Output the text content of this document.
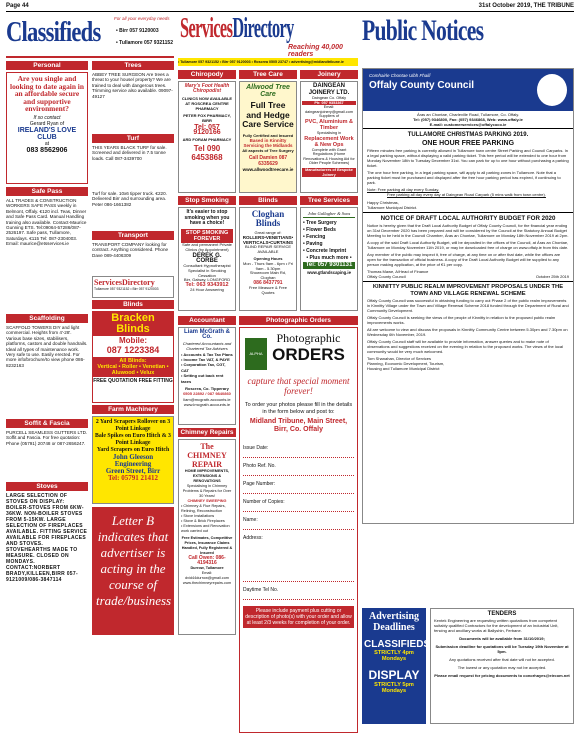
Page 44	31st October 2019, THE TRIBUNE
Classifieds	For all your everyday needs
• Birr 057 9120003
• Tullamore 057 9321152
Personal
Are you single and looking to date again in an affordable secure and supportive environment?
If so contact
Gerard Ryan of
IRELAND'S LOVE CLUB
at
083 8562906
Safe Pass
ALL TRADES & CONSTRUCTION WORKERS SAFE PASS weekly in Belmont, Offaly. €120 incl. Teas, Dinner and Safe Pass Card. Manual Handling training also available. Contact-Maurice Gunning ETS. Tel:09064-57286/087-2526197. Safe pass, Tullamore, Saturdays. €115 Tel: 087-2304003. Email: maurice@etsservices.ie
Scaffolding
SCAFFOLD TOWERS DIY and light commercial. Heights from 4'-28'. Various base sizes, stabilisers, platforms, castors and double handrails. Ideal all types of maintenance work. Very safe to use. Easily erected. For more info/brochure/to view phone 086-8232163
Soffit & Fascia
PURCELL SEAMLESS GUTTERS LTD. Soffit and Fascia. For free quotation: Phone (05791) 20748 or 087-2656247.
Stoves
LARGE SELECTION OF STOVES ON DISPLAY: BOILER-STOVES FROM 6KW-36KW. NON-BOILER STOVES FROM 5-15KW. LARGE SELECTION OF FIREPLACES AVAILABLE. FITTING SERVICE AVAILABLE FOR FIREPLACES AND STOVES. STOVEHEARTHS MADE TO MEASURE. CLOSED ON MONDAYS. CONTACT:NORBERT BRADY,KILLEEN,BIRR 057-9121009/086-3847114
Trees
ABBEY TREE SURGEON Are trees a threat to your house/ property? We are trained to deal with dangerous trees. Trimming service also available. 09097-49127
Turf
THIS YEARS BLACK TURF for sale. Screened and delivered in 7.5 tonne loads. Call 087-3439700
Turf for sale. 10x6 tipper truck. €220. Delivered Birr and surrounding area. Peter 086-1661382
Transport
TRANSPORT COMPANY looking for contract. Anything considered. Phone Dave 089-4406309
ServicesDirectory
Tullamore 057 9321152 • Birr 057 9120003
Blinds
Bracken Blinds
Mobile:
087 1223384
All Blinds:
Vertical • Roller • Venetian • Aluwood • Velux
FREE QUOTATION FREE FITTING
Farm Machinery
2 Yard Scrapers Rollover on 3 Point Linkage
Bale Spikes on Euro Hitch & 3 Point Linkage
Yard Scrapers on Euro Hitch
John Gleeson Engineering
Green Street, Birr
Tel: 05791 21412
Letter B indicates that advertiser is acting in the course of trade/business
ServicesDirectory
Reaching 40,000 readers
• Tullamore 057 9321152 • Birr 057 9120003 • Roscrea 0505 23747 • advertising@midlandtribune.ie
Chiropody
Mary's Foot Health Chiropodist
CLINICS NOW AVAILABLE AT ROSCREA CENTRE PHARMACY
PETER FOX PHARMACY, BIRR
Tel: 057 9120166
ARD FORAM PHARMACY
Tel 090 6453868
Tree Care
Allwood Tree Care
Full Tree and Hedge Care Service
Fully Certified and Insured
Based in Kinnitty Servicing the Midlands
All aspects of Tree Surgery
Call Damien 087 6335629
www.allwoodtreecare.ie
Joinery
DAINGEAN JOINERY LTD.
Daingean Co. Offaly
Ph: 057 9353367
Email: daingeanjoinery@gmail.com
Suppliers of
PVC, Aluminium & Timber
Specialising in
Replacement Work & New Ops
Complete with Grant Regulations (Home Renovations & Housing Aid for Older People Schemes)
Manufacturers of Bespoke Joinery
Stop Smoking
It's easier to stop smoking when you have a choice!
STOP SMOKING FOREVER
Safe and permanent Private Clinics (by Appointment)
DEREK G. CORBE
Consultant Hypnotherapist Specialist in Smoking Cessation
Birr, Galway, LONGFORD
Tel: 063 9343912
24 Hour Answering
Blinds
Cloghan Blinds
Great range of:
ROLLERS•VENETIANS• VERTICALS•CURTAINS
BLIND REPAIR SERVICE AVAILABLE
Opening Hours
Mon - Thurs 9am - 6pm • Fri 9am - 5.30pm
Showroom Main Rd, Cloghan
086 8437791
Free Measure & Free Quotes
Tree Services
John Gallagher & Sons
• Tree Surgery
• Flower Beds
• Fencing
• Paving
• Concrete Imprint
• Plus much more •
Tel: 057 9301131
www.gtlandscaping.ie
Accountant
Liam McGrath & Co.
Chartered Accountants and Chartered Tax Advisers
• Accounts & Tax Tax Plans
• Income Tax VAT, & PAYE
• Corporation Tax, CGT, CAT
• Setting out back rent taxes
Roscrea, Co. Tipperary
0505 22892 / 087 9840860
liam@mcgrath.accounts.ie
www.lmcgrath.accounts.ie
Chimney Repairs
The CHIMNEY REPAIR
HOME IMPROVEMENTS, EXTENSIONS & RENOVATIONS
Specialising in Chimney Problems & Repairs for Over 30 Years!
CHIMNEY SWEEPING
• Chimney & Flue Repairs, Relining, Reconstruction
• Stove Installations
• Stove & Brick Fireplaces
• Extensions and Renovation work carried out
Free Estimates, Competitive Prices, Insurance Claims Handled, Fully Registered & Insured
Call Owen: 086-4194316
Durrow, Tullamore
Email: dvid44durrow@gmail.com
www.thechimneyrepairs.com
Photographic Orders
ALPHA
Photographic
ORDERS
capture that special moment forever!
To order your photos please fill in the details in the form below and post to:
Midland Tribune, Main Street, Birr, Co. Offaly
Issue Date:
Photo Ref. No.
Page Number:
Number of Copies:
Name:
Address:
Daytime Tel No.
Please include payment plus cutting or description of photo(s) with your order and allow at least 2/3 weeks for completion of your order.
Public Notices
Comhairle Chontae Uibh Fhailí
Offaly County Council
Áras an Chontae, Charleville Road, Tullamore, Co. Offaly.
Tel: (057) 9346800, Fax: (057) 9346868, Web: www.offaly.ie
E-mail: customerservices@offalycoco.ie
TULLAMORE CHRISTMAS PARKING 2019.
ONE HOUR FREE PARKING
Fifteen minutes free parking is currently allowed in Tullamore town centre Street Parking and Council Carparks. In a legal parking space, without displaying a valid parking ticket. This free period will be extended to one hour from Monday November 18th to Tuesday December 31st. You can park for up to one hour without purchasing a parking ticket.
The one hour free parking, in a legal parking space, will apply to all parking zones in Tullamore. Note that a parking ticket must be purchased and displayed after the free hour parking period has expired, if continuing to park.
Note: Free parking all day every Sunday.
Free parking all day every day at Daingean Road Carpark (5 mins walk from town centre).
Happy Christmas,
Tullamore Municipal District.
NOTICE OF DRAFT LOCAL AUTHORITY BUDGET FOR 2020
Notice is hereby given that the Draft Local Authority Budget of Offaly County Council, for the financial year ending on 31st December 2020 has been prepared and will be considered by the Council at the Statutory Annual Budget Meeting to be held in the Council Chamber, Áras an Chontae, Tullamore on Monday 18th November 2019 at 2pm.
A copy of the said Draft Local Authority Budget, will be deposited in the offices of the Council, at Áras an Chontae, Tullamore on Monday November 11th 2019, or may be downloaded free of charge on www.offaly.ie from this date.
Any member of the public may inspect it, free of charge, at any time on or after that date, while the offices are open for the transaction of official business. A copy of the Draft Local Authority Budget will be supplied to any person making application, at the price of €1 per copy.
Thomas Mawe, A/Head of Finance
Offaly County Council	October 25th 2019
KINNITTY PUBLIC REALM IMPROVEMENT PROPOSALS UNDER THE TOWN AND VILLAGE RENEWAL SCHEME
Offaly County Council was successful in obtaining funding to carry out Phase 2 of the public realm improvements in Kinnitty Village under the Town and Village Renewal Scheme 2018 funded through the Department of Rural and Community Development.
Offaly County Council is seeking the views of the people of Kinnitty in relation to the proposed public realm improvements works.
All are welcome to view and discuss the proposals in Kinnitty Community Centre between 5.30pm and 7.30pm on Wednesday 6th November, 2019.
Offaly County Council staff will be available to provide information, answer queries and to make note of observations and suggestions received on the evening in relation to the proposed works. The views of the local community would be very much welcomed.
Tom Shanahan, Director of Services
Planning, Economic Development, Tourism,
Housing and Tullamore Municipal District
Advertising
Deadlines
CLASSIFIEDS
STRICTLY 4pm Mondays
DISPLAY
STRICTLY 5pm Mondays
TENDERS
Kentek Engineering are requesting written quotations from competent suitably qualified Contractors for the development of an Industrial Unit, fencing and ancillary works at Ballyshin, Ferbane.
Documents will be available from 31/10/2019;
Submission deadline for quotations will be Tuesday 19th November at 5pm.
Any quotations received after that date will not be accepted.
The lowest or any quotation may not be accepted.
Please email request for pricing documents to conorhayes@eircom.net
